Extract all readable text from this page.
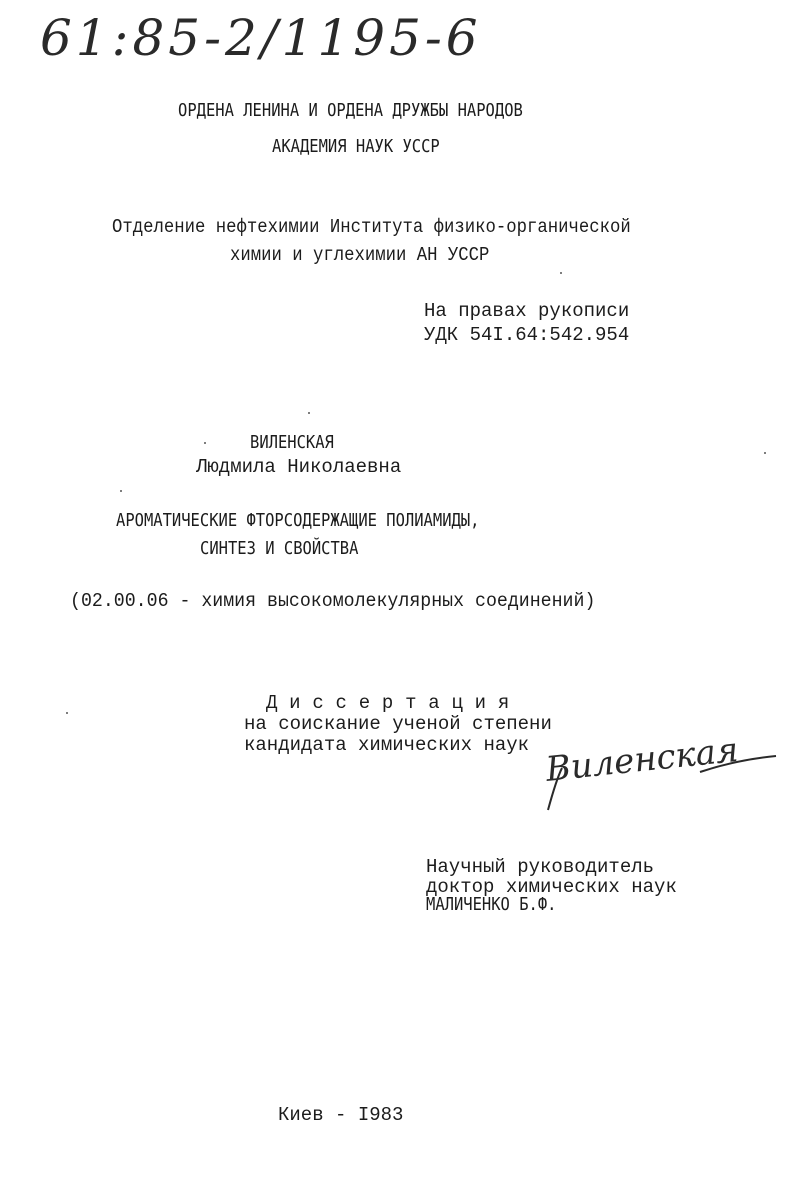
61:85-2/1195-6
ОРДЕНА ЛЕНИНА И ОРДЕНА ДРУЖБЫ НАРОДОВ
АКАДЕМИЯ НАУК УССР
Отделение нефтехимии Института физико-органической
химии и углехимии АН УССР
На правах рукописи
УДК 54I.64:542.954
ВИЛЕНСКАЯ
Людмила Николаевна
АРОМАТИЧЕСКИЕ ФТОРСОДЕРЖАЩИЕ ПОЛИАМИДЫ,
СИНТЕЗ И СВОЙСТВА
(02.00.06 - химия высокомолекулярных соединений)
Диссертация
на соискание ученой степени
кандидата химических наук Виленская
Научный руководитель
доктор химических наук
МАЛИЧЕНКО Б.Ф.
Киев - I983
